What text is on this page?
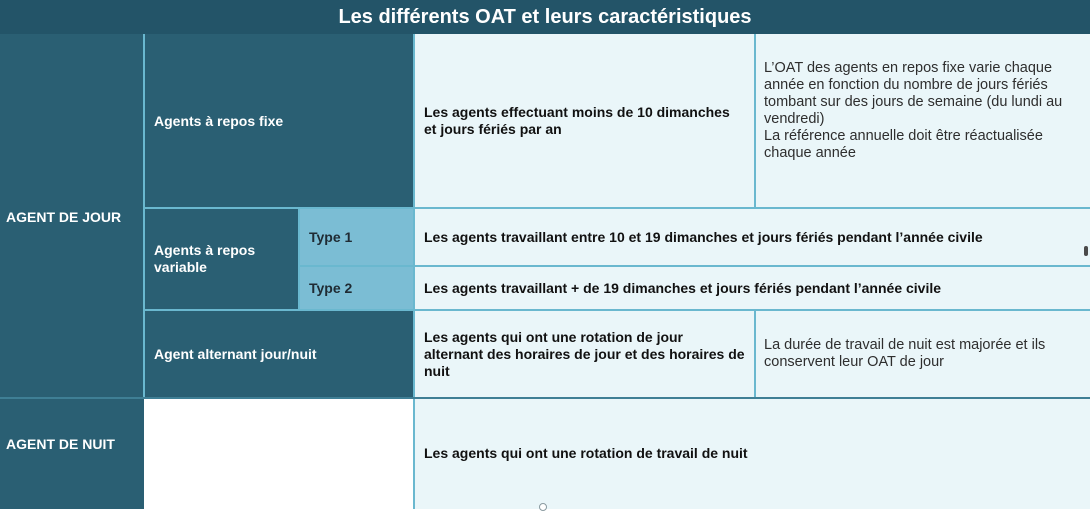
Les différents OAT et leurs caractéristiques
AGENT DE JOUR
AGENT DE NUIT
Agents à repos fixe
Les agents effectuant moins de 10 dimanches et jours fériés par an
L’OAT des agents en repos fixe varie chaque année en fonction du nombre de jours fériés tombant sur des jours de semaine (du lundi au vendredi)
La référence annuelle doit être réactualisée chaque année
Agents à repos variable
Type 1	Les agents travaillant entre 10 et 19 dimanches et jours fériés pendant l’année civile
Type 2	Les agents travaillant + de 19 dimanches et jours fériés pendant l’année civile
Agent alternant jour/nuit
Les agents qui ont une rotation de jour alternant des horaires de jour et des horaires de nuit
La durée de travail de nuit est majorée et ils conservent leur OAT de jour
Les agents qui ont une rotation de travail de nuit
